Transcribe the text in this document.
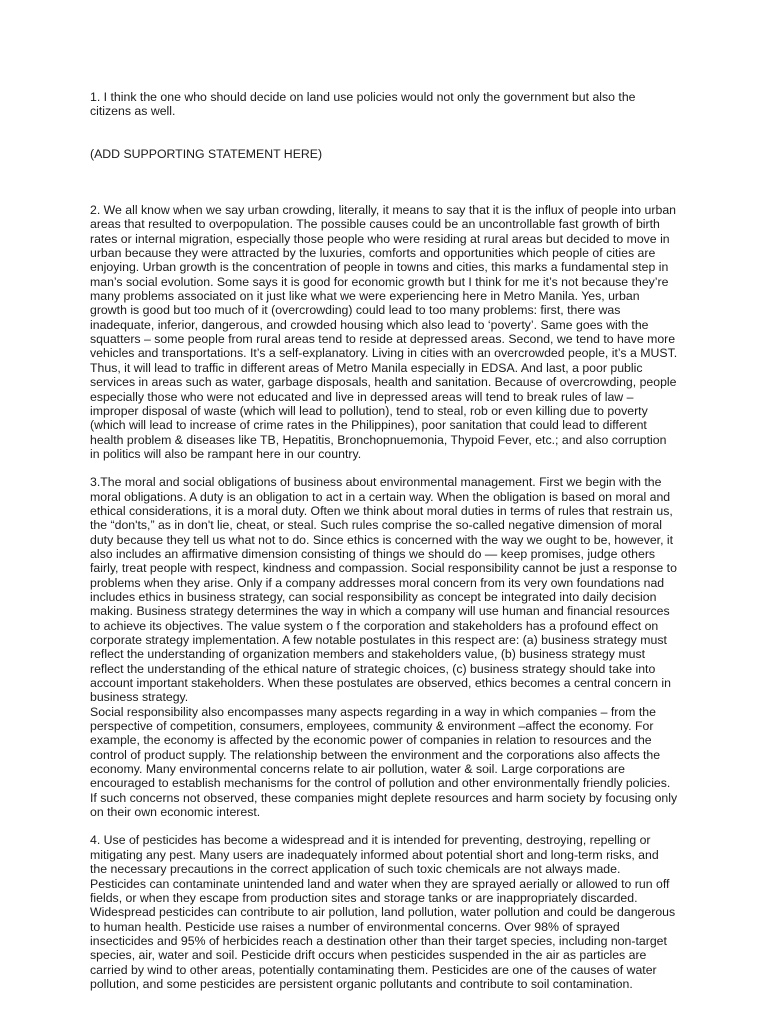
1. I think the one who should decide on land use policies would not only the government but also the citizens as well.

(ADD SUPPORTING STATEMENT HERE)

2. We all know when we say urban crowding, literally, it means to say that it is the influx of people into urban areas that resulted to overpopulation. The possible causes could be an uncontrollable fast growth of birth rates or internal migration, especially those people who were residing at rural areas but decided to move in urban because they were attracted by the luxuries, comforts and opportunities which people of cities are enjoying. Urban growth is the concentration of people in towns and cities, this marks a fundamental step in man’s social evolution. Some says it is good for economic growth but I think for me it’s not because they’re many problems associated on it just like what we were experiencing here in Metro Manila. Yes, urban growth is good but too much of it (overcrowding) could lead to too many problems: first, there was inadequate, inferior, dangerous, and crowded housing which also lead to ‘poverty’. Same goes with the squatters – some people from rural areas tend to reside at depressed areas. Second, we tend to have more vehicles and transportations. It’s a self-explanatory. Living in cities with an overcrowded people, it’s a MUST. Thus, it will lead to traffic in different areas of Metro Manila especially in EDSA. And last, a poor public services in areas such as water, garbage disposals, health and sanitation. Because of overcrowding, people especially those who were not educated and live in depressed areas will tend to break rules of law – improper disposal of waste (which will lead to pollution), tend to steal, rob or even killing due to poverty (which will lead to increase of crime rates in the Philippines), poor sanitation that could lead to different health problem & diseases like TB, Hepatitis, Bronchopnuemonia, Thypoid Fever, etc.; and also corruption in politics will also be rampant here in our country.

3.The moral and social obligations of business about environmental management. First we begin with the moral obligations. A duty is an obligation to act in a certain way. When the obligation is based on moral and ethical considerations, it is a moral duty. Often we think about moral duties in terms of rules that restrain us, the “don'ts,” as in don't lie, cheat, or steal. Such rules comprise the so-called negative dimension of moral duty because they tell us what not to do. Since ethics is concerned with the way we ought to be, however, it also includes an affirmative dimension consisting of things we should do — keep promises, judge others fairly, treat people with respect, kindness and compassion. Social responsibility cannot be just a response to problems when they arise. Only if a company addresses moral concern from its very own foundations nad includes ethics in business strategy, can social responsibility as concept be integrated into daily decision making. Business strategy determines the way in which a company will use human and financial resources to achieve its objectives. The value system o f the corporation and stakeholders has a profound effect on corporate strategy implementation. A few notable postulates in this respect are: (a) business strategy must reflect the understanding of organization members and stakeholders value, (b) business strategy must reflect the understanding of the ethical nature of strategic choices, (c) business strategy should take into account important stakeholders. When these postulates are observed, ethics becomes a central concern in business strategy.

Social responsibility also encompasses many aspects regarding in a way in which companies – from the perspective of competition, consumers, employees, community & environment –affect the economy. For example, the economy is affected by the economic power of companies in relation to resources and the control of product supply. The relationship between the environment and the corporations also affects the economy. Many environmental concerns relate to air pollution, water & soil. Large corporations are encouraged to establish mechanisms for the control of pollution and other environmentally friendly policies. If such concerns not observed, these companies might deplete resources and harm society by focusing only on their own economic interest.

4. Use of pesticides has become a widespread and it is intended for preventing, destroying, repelling or mitigating any pest. Many users are inadequately informed about potential short and long-term risks, and the necessary precautions in the correct application of such toxic chemicals are not always made. Pesticides can contaminate unintended land and water when they are sprayed aerially or allowed to run off fields, or when they escape from production sites and storage tanks or are inappropriately discarded. Widespread pesticides can contribute to air pollution, land pollution, water pollution and could be dangerous to human health. Pesticide use raises a number of environmental concerns. Over 98% of sprayed insecticides and 95% of herbicides reach a destination other than their target species, including non-target species, air, water and soil. Pesticide drift occurs when pesticides suspended in the air as particles are carried by wind to other areas, potentially contaminating them. Pesticides are one of the causes of water pollution, and some pesticides are persistent organic pollutants and contribute to soil contamination.
